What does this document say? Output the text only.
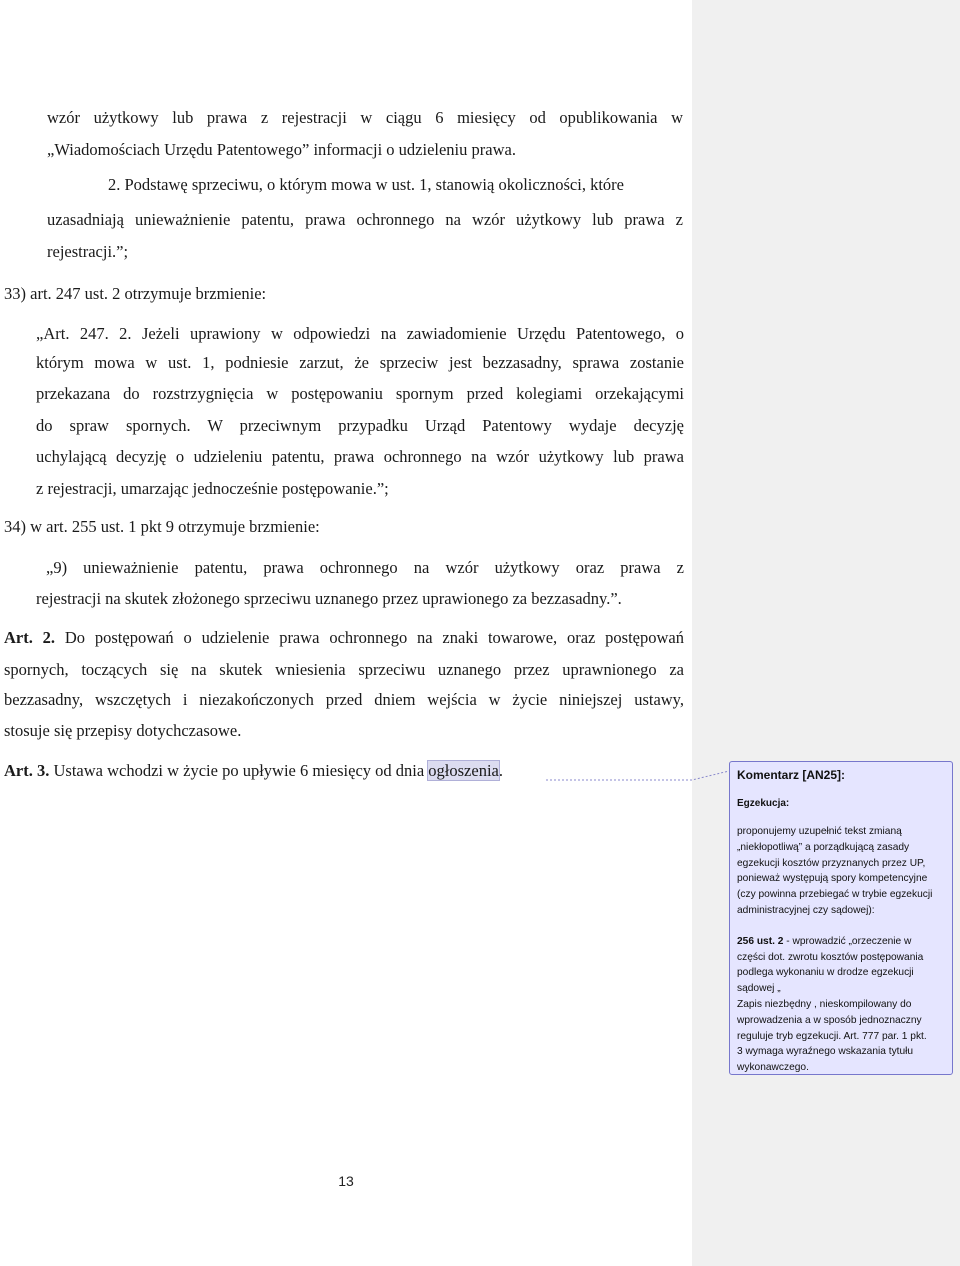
wzór użytkowy lub prawa z rejestracji w ciągu 6 miesięcy od opublikowania w
„Wiadomościach Urzędu Patentowego” informacji o udzieleniu prawa.
2. Podstawę sprzeciwu, o którym mowa w ust. 1, stanowią okoliczności, które
uzasadniają unieważnienie patentu, prawa ochronnego na wzór użytkowy lub prawa z
rejestracji.”;
33) art. 247 ust. 2 otrzymuje brzmienie:
„Art. 247. 2. Jeżeli uprawiony w odpowiedzi na zawiadomienie Urzędu Patentowego, o
którym mowa w ust. 1, podniesie zarzut, że sprzeciw jest bezzasadny, sprawa zostanie
przekazana do rozstrzygnięcia w postępowaniu spornym przed kolegiami orzekającymi
do spraw spornych. W przeciwnym przypadku Urząd Patentowy wydaje decyzję
uchylającą decyzję o udzieleniu patentu, prawa ochronnego na wzór użytkowy lub prawa
z rejestracji, umarzając jednocześnie postępowanie.”;
34) w art. 255 ust. 1 pkt 9 otrzymuje brzmienie:
„9) unieważnienie patentu, prawa ochronnego na wzór użytkowy oraz prawa z
rejestracji na skutek złożonego sprzeciwu uznanego przez uprawionego za bezzasadny.”.
Art. 2. Do postępowań o udzielenie prawa ochronnego na znaki towarowe, oraz postępowań
spornych, toczących się na skutek wniesienia sprzeciwu uznanego przez uprawnionego za
bezzasadny, wszczętych i niezakończonych przed dniem wejścia w życie niniejszej ustawy,
stosuje się przepisy dotychczasowe.
Art. 3. Ustawa wchodzi w życie po upływie 6 miesięcy od dnia ogłoszenia.	Komentarz [AN25]:
Egzekucja:
proponujemy uzupełnić tekst zmianą
„niekłopotliwą” a porządkującą zasady
egzekucji kosztów przyznanych przez UP,
ponieważ występują spory kompetencyjne
(czy powinna przebiegać w trybie egzekucji
administracyjnej czy sądowej):
256 ust. 2 - wprowadzić „orzeczenie w
części dot. zwrotu kosztów postępowania
podlega wykonaniu w drodze egzekucji
sądowej „
Zapis niezbędny , nieskompilowany do
wprowadzenia a w sposób jednoznaczny
reguluje tryb egzekucji. Art. 777 par. 1 pkt.
3 wymaga wyraźnego wskazania tytułu
wykonawczego.
13
